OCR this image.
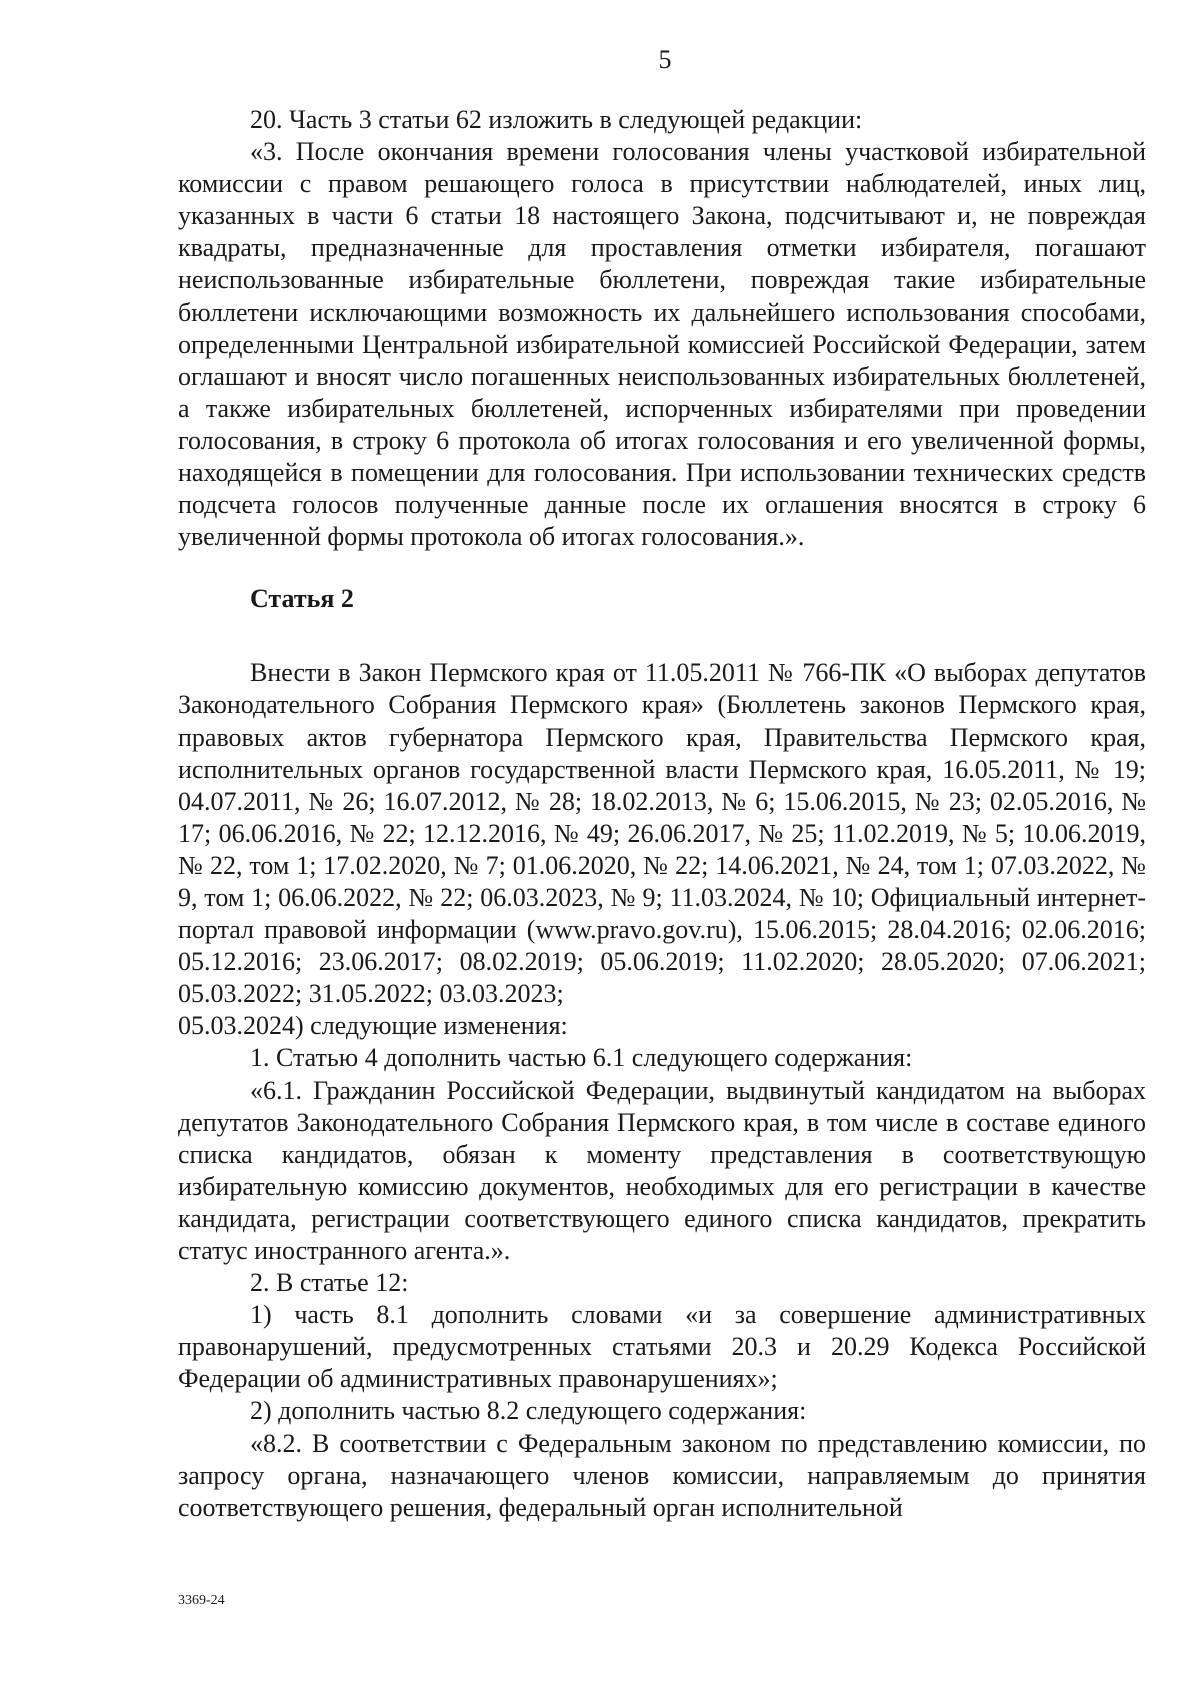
5

20. Часть 3 статьи 62 изложить в следующей редакции:

«3. После окончания времени голосования члены участковой избирательной комиссии с правом решающего голоса в присутствии наблюдателей, иных лиц, указанных в части 6 статьи 18 настоящего Закона, подсчитывают и, не повреждая квадраты, предназначенные для проставления отметки избирателя, погашают неиспользованные избирательные бюллетени, повреждая такие избирательные бюллетени исключающими возможность их дальнейшего использования способами, определенными Центральной избирательной комиссией Российской Федерации, затем оглашают и вносят число погашенных неиспользованных избирательных бюллетеней, а также избирательных бюллетеней, испорченных избирателями при проведении голосования, в строку 6 протокола об итогах голосования и его увеличенной формы, находящейся в помещении для голосования. При использовании технических средств подсчета голосов полученные данные после их оглашения вносятся в строку 6 увеличенной формы протокола об итогах голосования.».

Статья 2

Внести в Закон Пермского края от 11.05.2011 № 766-ПК «О выборах депутатов Законодательного Собрания Пермского края» (Бюллетень законов Пермского края, правовых актов губернатора Пермского края, Правительства Пермского края, исполнительных органов государственной власти Пермского края, 16.05.2011, № 19; 04.07.2011, № 26; 16.07.2012, № 28; 18.02.2013, № 6; 15.06.2015, № 23; 02.05.2016, № 17; 06.06.2016, № 22; 12.12.2016, № 49; 26.06.2017, № 25; 11.02.2019, № 5; 10.06.2019, № 22, том 1; 17.02.2020, № 7; 01.06.2020, № 22; 14.06.2021, № 24, том 1; 07.03.2022, № 9, том 1; 06.06.2022, № 22; 06.03.2023, № 9; 11.03.2024, № 10; Официальный интернет-портал правовой информации (www.pravo.gov.ru), 15.06.2015; 28.04.2016; 02.06.2016; 05.12.2016; 23.06.2017; 08.02.2019; 05.06.2019; 11.02.2020; 28.05.2020; 07.06.2021; 05.03.2022; 31.05.2022; 03.03.2023;

05.03.2024) следующие изменения:

1. Статью 4 дополнить частью 6.1 следующего содержания:

«6.1. Гражданин Российской Федерации, выдвинутый кандидатом на выборах депутатов Законодательного Собрания Пермского края, в том числе в составе единого списка кандидатов, обязан к моменту представления в соответствующую избирательную комиссию документов, необходимых для его регистрации в качестве кандидата, регистрации соответствующего единого списка кандидатов, прекратить статус иностранного агента.».

2. В статье 12:

1) часть 8.1 дополнить словами «и за совершение административных правонарушений, предусмотренных статьями 20.3 и 20.29 Кодекса Российской Федерации об административных правонарушениях»;

2) дополнить частью 8.2 следующего содержания:

«8.2. В соответствии с Федеральным законом по представлению комиссии, по запросу органа, назначающего членов комиссии, направляемым до принятия соответствующего решения, федеральный орган исполнительной

3369-24
